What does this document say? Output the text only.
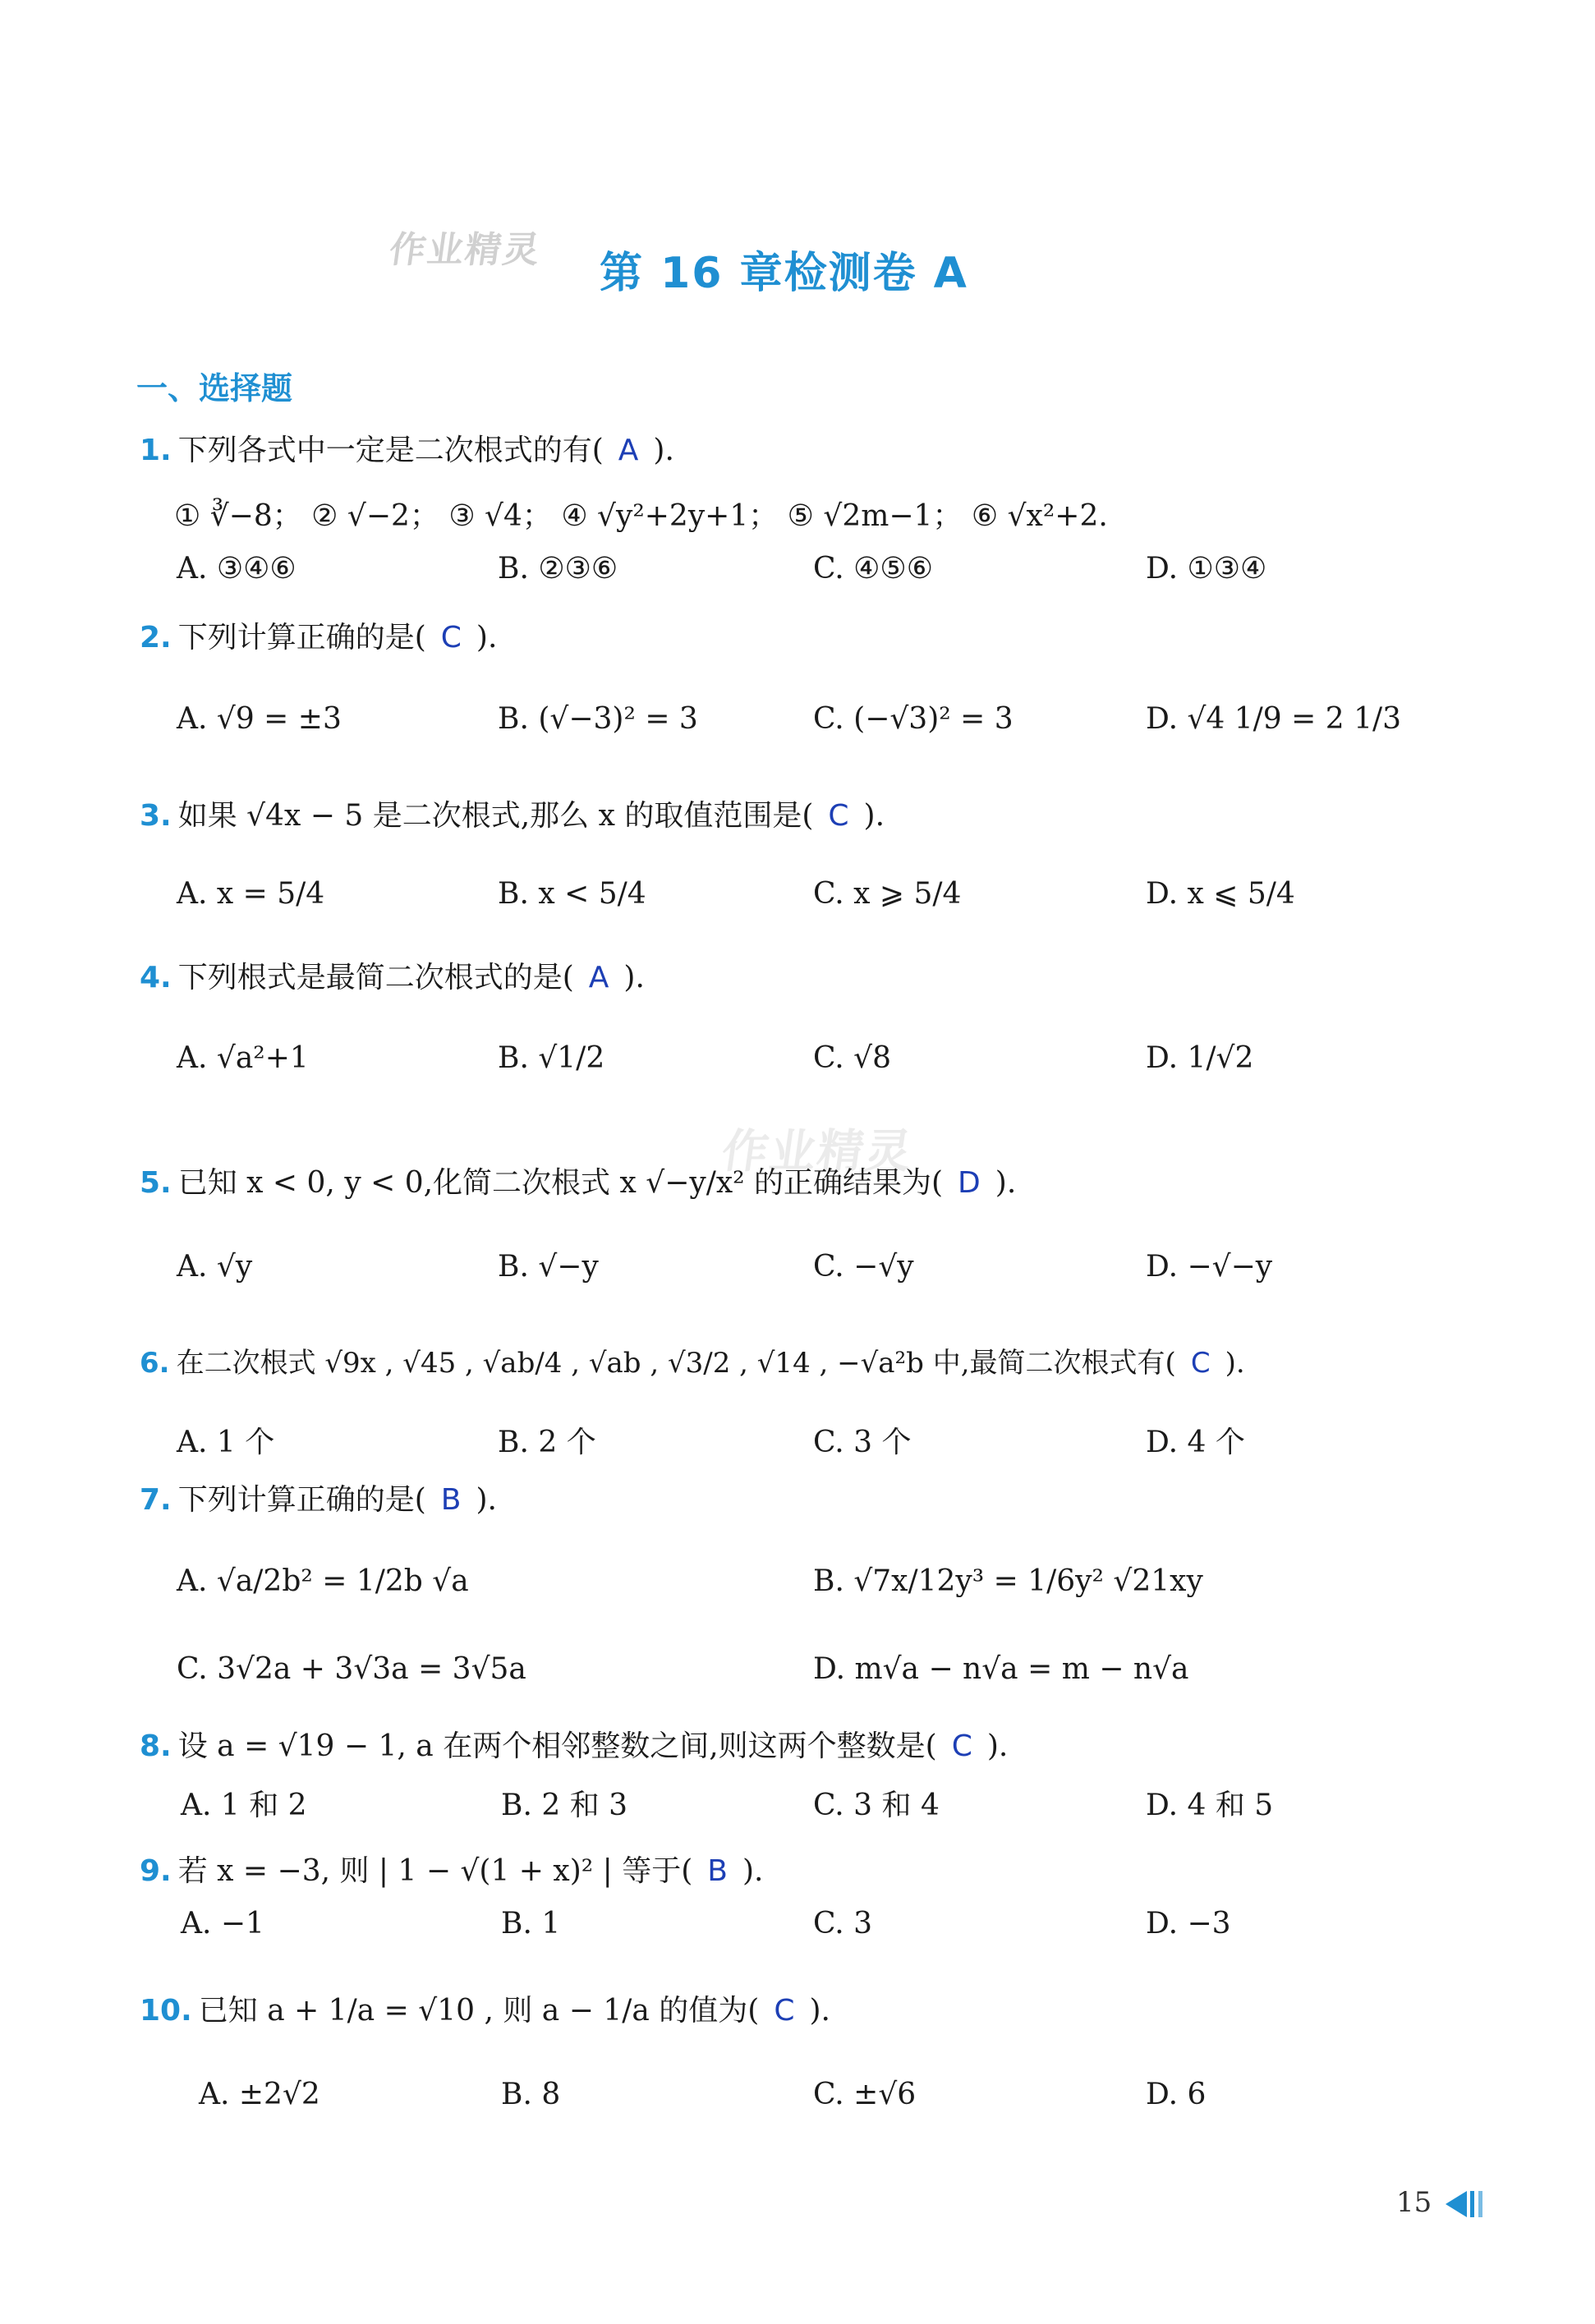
作业精灵
作业精灵
第 16 章检测卷 A
一、选择题
1. 下列各式中一定是二次根式的有( A ).
① ∛−8； ② √−2； ③ √4； ④ √y²+2y+1； ⑤ √2m−1； ⑥ √x²+2.
A. ③④⑥	B. ②③⑥	C. ④⑤⑥	D. ①③④
2. 下列计算正确的是( C ).
A. √9 = ±3	B. (√−3)² = 3	C. (−√3)² = 3	D. √4 1/9 = 2 1/3
3. 如果 √4x − 5 是二次根式,那么 x 的取值范围是( C ).
A. x = 5/4	B. x < 5/4	C. x ⩾ 5/4	D. x ⩽ 5/4
4. 下列根式是最简二次根式的是( A ).
A. √a²+1	B. √1/2	C. √8	D. 1/√2
5. 已知 x < 0, y < 0,化简二次根式 x √−y/x² 的正确结果为( D ).
A. √y	B. √−y	C. −√y	D. −√−y
6. 在二次根式 √9x , √45 , √ab/4 , √ab , √3/2 , √14 , −√a²b 中,最简二次根式有( C ).
A. 1 个	B. 2 个	C. 3 个	D. 4 个
7. 下列计算正确的是( B ).
A. √a/2b² = 1/2b √a	B. √7x/12y³ = 1/6y² √21xy
C. 3√2a + 3√3a = 3√5a	D. m√a − n√a = m − n√a
8. 设 a = √19 − 1, a 在两个相邻整数之间,则这两个整数是( C ).
A. 1 和 2	B. 2 和 3	C. 3 和 4	D. 4 和 5
9. 若 x = −3, 则 | 1 − √(1 + x)² | 等于( B ).
A. −1	B. 1	C. 3	D. −3
10. 已知 a + 1/a = √10 , 则 a − 1/a 的值为( C ).
A. ±2√2	B. 8	C. ±√6	D. 6
15
